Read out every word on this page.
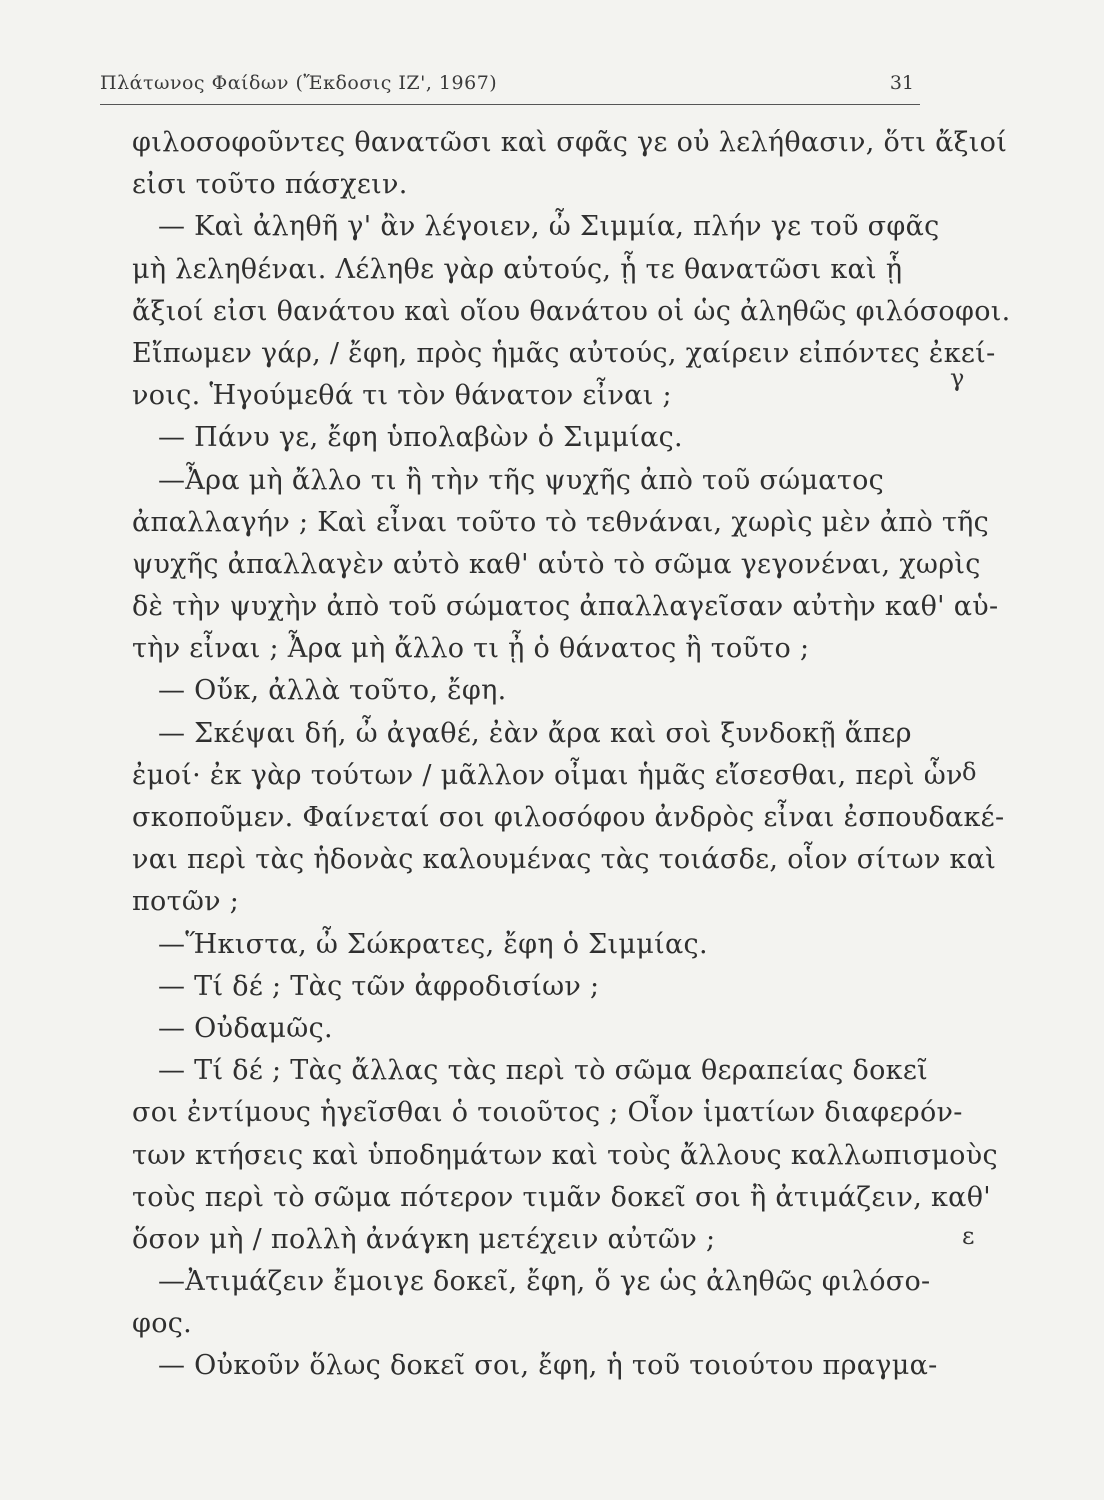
Πλάτωνος Φαίδων (Ἔκδοσις ΙΖ', 1967)	31
φιλοσοφοῦντες θανατῶσι καὶ σφᾶς γε οὐ λελήθασιν, ὅτι ἄξιοί
εἰσι τοῦτο πάσχειν.
— Καὶ ἀληθῆ γ' ἂν λέγοιεν, ὦ Σιμμία, πλήν γε τοῦ σφᾶς
μὴ λεληθέναι. Λέληθε γὰρ αὐτούς, ᾗ τε θανατῶσι καὶ ᾗ
ἄξιοί εἰσι θανάτου καὶ οἵου θανάτου οἱ ὡς ἀληθῶς φιλόσοφοι.
Εἴπωμεν γάρ, / ἔφη, πρὸς ἡμᾶς αὐτούς, χαίρειν εἰπόντες ἐκεί-
νοις. Ἡγούμεθά τι τὸν θάνατον εἶναι ;
— Πάνυ γε, ἔφη ὑπολαβὼν ὁ Σιμμίας.
—Ἆρα μὴ ἄλλο τι ἢ τὴν τῆς ψυχῆς ἀπὸ τοῦ σώματος
ἀπαλλαγήν ; Καὶ εἶναι τοῦτο τὸ τεθνάναι, χωρὶς μὲν ἀπὸ τῆς
ψυχῆς ἀπαλλαγὲν αὐτὸ καθ' αὑτὸ τὸ σῶμα γεγονέναι, χωρὶς
δὲ τὴν ψυχὴν ἀπὸ τοῦ σώματος ἀπαλλαγεῖσαν αὐτὴν καθ' αὑ-
τὴν εἶναι ; Ἆρα μὴ ἄλλο τι ᾖ ὁ θάνατος ἢ τοῦτο ;
— Οὔκ, ἀλλὰ τοῦτο, ἔφη.
— Σκέψαι δή, ὦ ἀγαθέ, ἐὰν ἄρα καὶ σοὶ ξυνδοκῇ ἅπερ
ἐμοί· ἐκ γὰρ τούτων / μᾶλλον οἶμαι ἡμᾶς εἴσεσθαι, περὶ ὧν
σκοποῦμεν. Φαίνεταί σοι φιλοσόφου ἀνδρὸς εἶναι ἐσπουδακέ-
ναι περὶ τὰς ἡδονὰς καλουμένας τὰς τοιάσδε, οἷον σίτων καὶ
ποτῶν ;
—Ἥκιστα, ὦ Σώκρατες, ἔφη ὁ Σιμμίας.
— Τί δέ ; Τὰς τῶν ἀφροδισίων ;
— Οὐδαμῶς.
— Τί δέ ; Τὰς ἄλλας τὰς περὶ τὸ σῶμα θεραπείας δοκεῖ
σοι ἐντίμους ἡγεῖσθαι ὁ τοιοῦτος ; Οἷον ἱματίων διαφερόν-
των κτήσεις καὶ ὑποδημάτων καὶ τοὺς ἄλλους καλλωπισμοὺς
τοὺς περὶ τὸ σῶμα πότερον τιμᾶν δοκεῖ σοι ἢ ἀτιμάζειν, καθ'
ὅσον μὴ / πολλὴ ἀνάγκη μετέχειν αὐτῶν ;
—Ἀτιμάζειν ἔμοιγε δοκεῖ, ἔφη, ὅ γε ὡς ἀληθῶς φιλόσο-
φος.
— Οὐκοῦν ὅλως δοκεῖ σοι, ἔφη, ἡ τοῦ τοιούτου πραγμα-
γ
δ
ε
